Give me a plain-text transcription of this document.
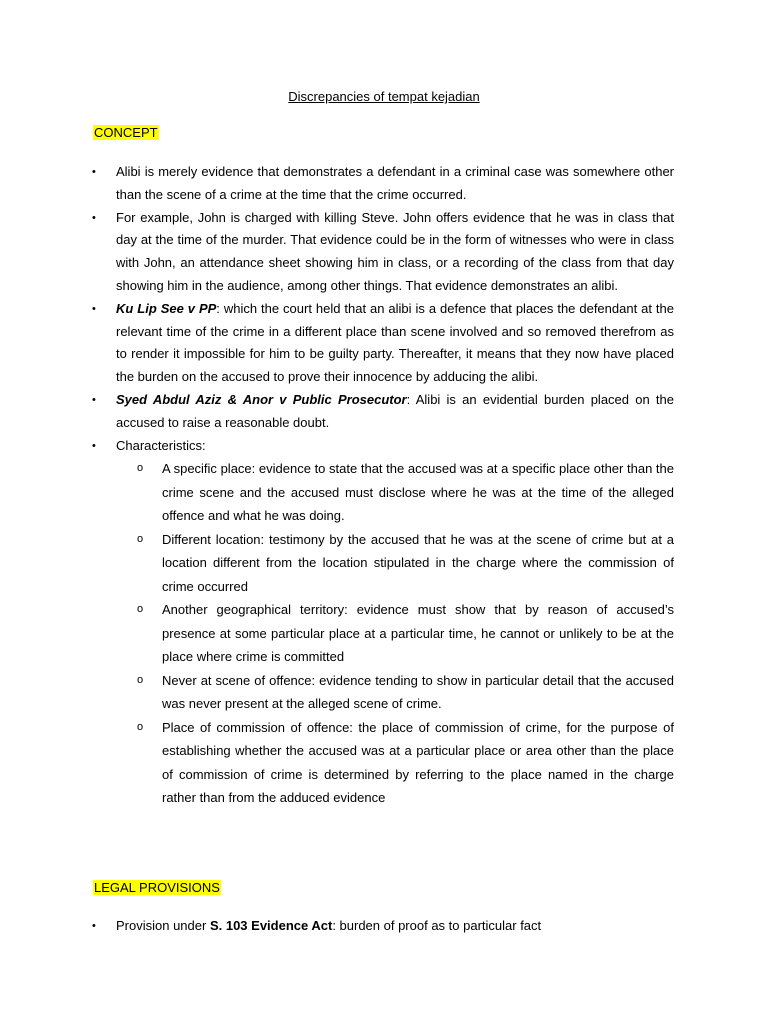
Discrepancies of tempat kejadian
CONCEPT
•	Alibi is merely evidence that demonstrates a defendant in a criminal case was somewhere other than the scene of a crime at the time that the crime occurred.
•	For example, John is charged with killing Steve. John offers evidence that he was in class that day at the time of the murder. That evidence could be in the form of witnesses who were in class with John, an attendance sheet showing him in class, or a recording of the class from that day showing him in the audience, among other things. That evidence demonstrates an alibi.
•	Ku Lip See v PP: which the court held that an alibi is a defence that places the defendant at the relevant time of the crime in a different place than scene involved and so removed therefrom as to render it impossible for him to be guilty party. Thereafter, it means that they now have placed the burden on the accused to prove their innocence by adducing the alibi.
•	Syed Abdul Aziz & Anor v Public Prosecutor: Alibi is an evidential burden placed on the accused to raise a reasonable doubt.
•	Characteristics:
o A specific place: evidence to state that the accused was at a specific place other than the crime scene and the accused must disclose where he was at the time of the alleged offence and what he was doing.
o Different location: testimony by the accused that he was at the scene of crime but at a location different from the location stipulated in the charge where the commission of crime occurred
o Another geographical territory: evidence must show that by reason of accused’s presence at some particular place at a particular time, he cannot or unlikely to be at the place where crime is committed
o Never at scene of offence: evidence tending to show in particular detail that the accused was never present at the alleged scene of crime.
o Place of commission of offence: the place of commission of crime, for the purpose of establishing whether the accused was at a particular place or area other than the place of commission of crime is determined by referring to the place named in the charge rather than from the adduced evidence
LEGAL PROVISIONS
•	Provision under S. 103 Evidence Act: burden of proof as to particular fact
